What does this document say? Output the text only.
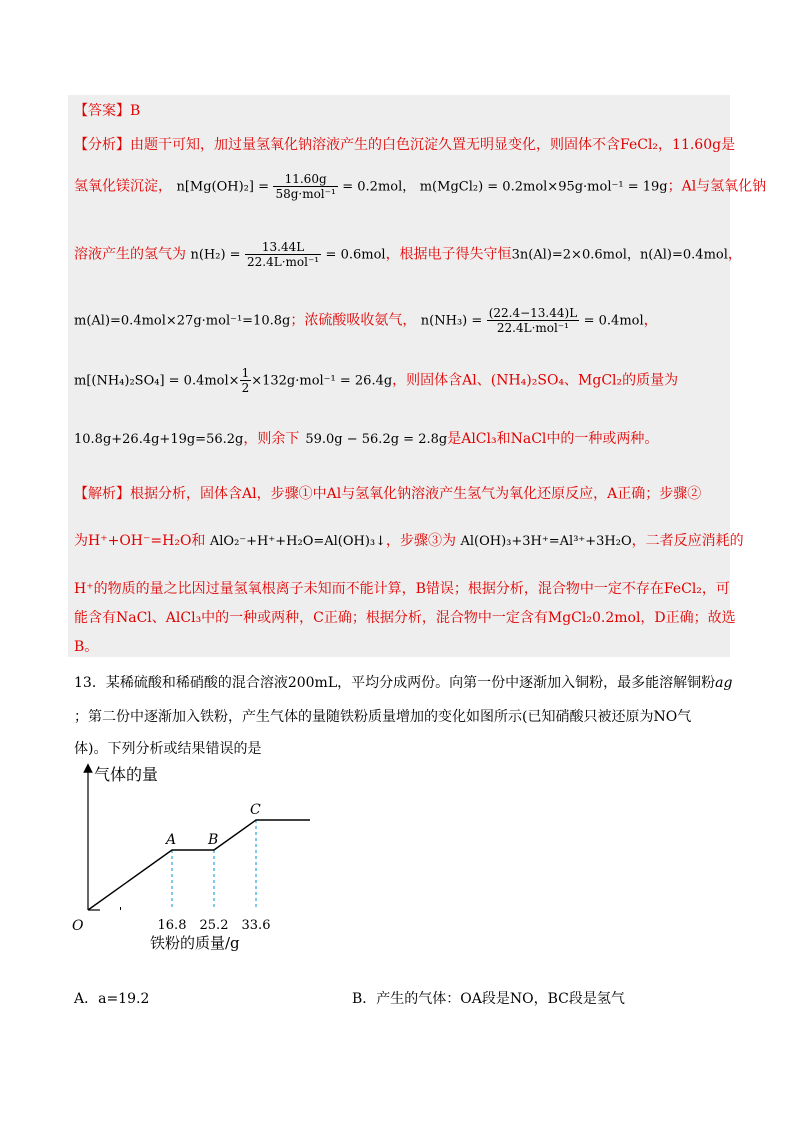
【答案】B
【分析】由题干可知，加过量氢氧化钠溶液产生的白色沉淀久置无明显变化，则固体不含FeCl₂，11.60g是
氢氧化镁沉淀， $n[Mg(OH)_2] = \frac{11.60g}{\text{58g·mol⁻¹}} = 0.2mol$， m(MgCl₂) = 0.2mol×95g·mol⁻¹ = 19g；Al与氢氧化钠
溶液产生的氢气为 $n(H_2) = \frac{13.44L}{\text{22.4L·mol⁻¹}} = 0.6mol$，根据电子得失守恒3n(Al)=2×0.6mol，n(Al)=0.4mol，
m(Al)=0.4mol×27g·mol⁻¹=10.8g；浓硫酸吸收氨气， $n(NH_3) = \frac{(22.4-13.44)L}{\text{22.4L·mol⁻¹}} = 0.4mol$，
$m[(NH_4)_2SO_4] = 0.4mol\times \frac{1}{2} \times 132g\cdot mol^{-1} = 26.4g$，则固体含Al、(NH₄)₂SO₄、MgCl₂的质量为
10.8g+26.4g+19g=56.2g，则余下 59.0g − 56.2g = 2.8g是AlCl₃和NaCl中的一种或两种。
【解析】根据分析，固体含Al，步骤①中Al与氢氧化钠溶液产生氢气为氧化还原反应，A正确；步骤②
为H⁺+OH⁻=H₂O和 AlO₂⁻+H⁺+H₂O=Al(OH)₃↓，步骤③为 Al(OH)₃+3H⁺=Al³⁺+3H₂O，二者反应消耗的
H⁺的物质的量之比因过量氢氧根离子未知而不能计算，B错误；根据分析，混合物中一定不存在FeCl₂，可
能含有NaCl、AlCl₃中的一种或两种，C正确；根据分析，混合物中一定含有MgCl₂0.2mol，D正确；故选
B。
13．某稀硫酸和稀硝酸的混合溶液200mL，平均分成两份。向第一份中逐渐加入铜粉，最多能溶解铜粉ag
；第二份中逐渐加入铁粉，产生气体的量随铁粉质量增加的变化如图所示(已知硝酸只被还原为NO气
体)。下列分析或结果错误的是
气体的量
铁粉的质量/g
O
A B
C
16.8 25.2 33.6
A．a=19.2	B．产生的气体：OA段是NO，BC段是氢气
